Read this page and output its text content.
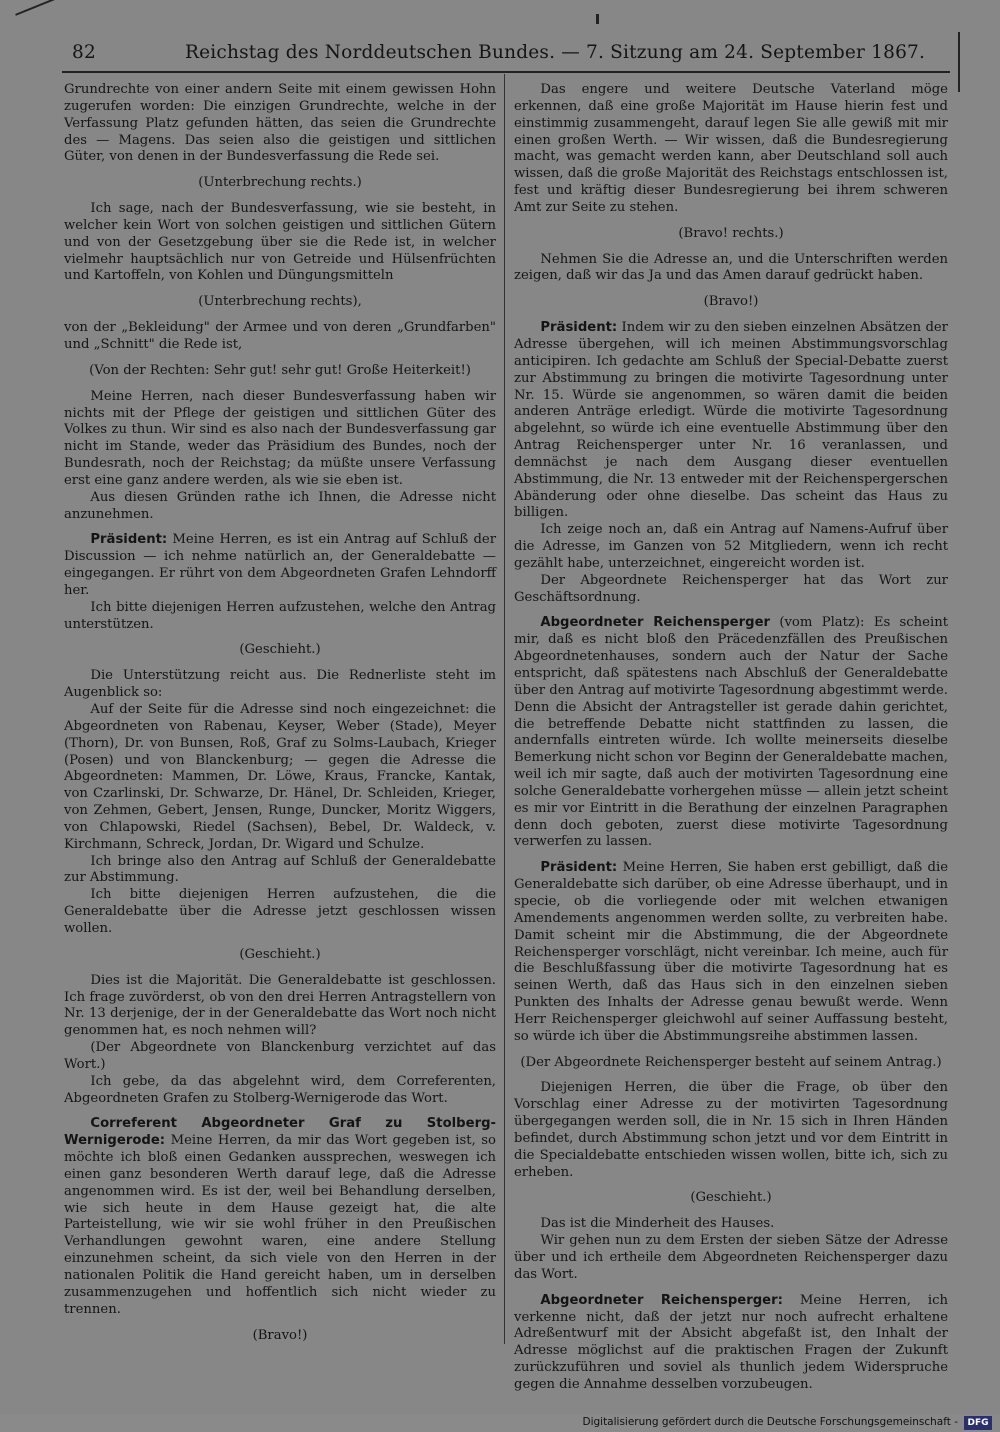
82	Reichstag des Norddeutschen Bundes. — 7. Sitzung am 24. September 1867.

Grundrechte von einer andern Seite mit einem gewissen Hohn zugerufen worden: Die einzigen Grundrechte, welche in der Verfassung Platz gefunden hätten, das seien die Grundrechte des — Magens. Das seien also die geistigen und sittlichen Güter, von denen in der Bundesverfassung die Rede sei.

(Unterbrechung rechts.)

Ich sage, nach der Bundesverfassung, wie sie besteht, in welcher kein Wort von solchen geistigen und sittlichen Gütern und von der Gesetzgebung über sie die Rede ist, in welcher vielmehr hauptsächlich nur von Getreide und Hülsenfrüchten und Kartoffeln, von Kohlen und Düngungsmitteln

(Unterbrechung rechts),

von der „Bekleidung" der Armee und von deren „Grundfarben" und „Schnitt" die Rede ist,

(Von der Rechten: Sehr gut! sehr gut! Große Heiterkeit!)

Meine Herren, nach dieser Bundesverfassung haben wir nichts mit der Pflege der geistigen und sittlichen Güter des Volkes zu thun. Wir sind es also nach der Bundesverfassung gar nicht im Stande, weder das Präsidium des Bundes, noch der Bundesrath, noch der Reichstag; da müßte unsere Verfassung erst eine ganz andere werden, als wie sie eben ist.

Aus diesen Gründen rathe ich Ihnen, die Adresse nicht anzunehmen.

Präsident: Meine Herren, es ist ein Antrag auf Schluß der Discussion — ich nehme natürlich an, der Generaldebatte — eingegangen. Er rührt von dem Abgeordneten Grafen Lehndorff her.

Ich bitte diejenigen Herren aufzustehen, welche den Antrag unterstützen.

(Geschieht.)

Die Unterstützung reicht aus. Die Rednerliste steht im Augenblick so:

Auf der Seite für die Adresse sind noch eingezeichnet: die Abgeordneten von Rabenau, Keyser, Weber (Stade), Meyer (Thorn), Dr. von Bunsen, Roß, Graf zu Solms-Laubach, Krieger (Posen) und von Blanckenburg; — gegen die Adresse die Abgeordneten: Mammen, Dr. Löwe, Kraus, Francke, Kantak, von Czarlinski, Dr. Schwarze, Dr. Hänel, Dr. Schleiden, Krieger, von Zehmen, Gebert, Jensen, Runge, Duncker, Moritz Wiggers, von Chlapowski, Riedel (Sachsen), Bebel, Dr. Waldeck, v. Kirchmann, Schreck, Jordan, Dr. Wigard und Schulze.

Ich bringe also den Antrag auf Schluß der Generaldebatte zur Abstimmung.

Ich bitte diejenigen Herren aufzustehen, die die Generaldebatte über die Adresse jetzt geschlossen wissen wollen.

(Geschieht.)

Dies ist die Majorität. Die Generaldebatte ist geschlossen. Ich frage zuvörderst, ob von den drei Herren Antragstellern von Nr. 13 derjenige, der in der Generaldebatte das Wort noch nicht genommen hat, es noch nehmen will?

(Der Abgeordnete von Blanckenburg verzichtet auf das Wort.)

Ich gebe, da das abgelehnt wird, dem Correferenten, Abgeordneten Grafen zu Stolberg-Wernigerode das Wort.

Correferent Abgeordneter Graf zu Stolberg-Wernigerode: Meine Herren, da mir das Wort gegeben ist, so möchte ich bloß einen Gedanken aussprechen, weswegen ich einen ganz besonderen Werth darauf lege, daß die Adresse angenommen wird. Es ist der, weil bei Behandlung derselben, wie sich heute in dem Hause gezeigt hat, die alte Parteistellung, wie wir sie wohl früher in den Preußischen Verhandlungen gewohnt waren, eine andere Stellung einzunehmen scheint, da sich viele von den Herren in der nationalen Politik die Hand gereicht haben, um in derselben zusammenzugehen und hoffentlich sich nicht wieder zu trennen.

(Bravo!)

Das engere und weitere Deutsche Vaterland möge erkennen, daß eine große Majorität im Hause hierin fest und einstimmig zusammengeht, darauf legen Sie alle gewiß mit mir einen großen Werth. — Wir wissen, daß die Bundesregierung macht, was gemacht werden kann, aber Deutschland soll auch wissen, daß die große Majorität des Reichstags entschlossen ist, fest und kräftig dieser Bundesregierung bei ihrem schweren Amt zur Seite zu stehen.

(Bravo! rechts.)

Nehmen Sie die Adresse an, und die Unterschriften werden zeigen, daß wir das Ja und das Amen darauf gedrückt haben.

(Bravo!)

Präsident: Indem wir zu den sieben einzelnen Absätzen der Adresse übergehen, will ich meinen Abstimmungsvorschlag anticipiren. Ich gedachte am Schluß der Special-Debatte zuerst zur Abstimmung zu bringen die motivirte Tagesordnung unter Nr. 15. Würde sie angenommen, so wären damit die beiden anderen Anträge erledigt. Würde die motivirte Tagesordnung abgelehnt, so würde ich eine eventuelle Abstimmung über den Antrag Reichensperger unter Nr. 16 veranlassen, und demnächst je nach dem Ausgang dieser eventuellen Abstimmung, die Nr. 13 entweder mit der Reichenspergerschen Abänderung oder ohne dieselbe. Das scheint das Haus zu billigen.

Ich zeige noch an, daß ein Antrag auf Namens-Aufruf über die Adresse, im Ganzen von 52 Mitgliedern, wenn ich recht gezählt habe, unterzeichnet, eingereicht worden ist.

Der Abgeordnete Reichensperger hat das Wort zur Geschäftsordnung.

Abgeordneter Reichensperger (vom Platz): Es scheint mir, daß es nicht bloß den Präcedenzfällen des Preußischen Abgeordnetenhauses, sondern auch der Natur der Sache entspricht, daß spätestens nach Abschluß der Generaldebatte über den Antrag auf motivirte Tagesordnung abgestimmt werde. Denn die Absicht der Antragsteller ist gerade dahin gerichtet, die betreffende Debatte nicht stattfinden zu lassen, die andernfalls eintreten würde. Ich wollte meinerseits dieselbe Bemerkung nicht schon vor Beginn der Generaldebatte machen, weil ich mir sagte, daß auch der motivirten Tagesordnung eine solche Generaldebatte vorhergehen müsse — allein jetzt scheint es mir vor Eintritt in die Berathung der einzelnen Paragraphen denn doch geboten, zuerst diese motivirte Tagesordnung verwerfen zu lassen.

Präsident: Meine Herren, Sie haben erst gebilligt, daß die Generaldebatte sich darüber, ob eine Adresse überhaupt, und in specie, ob die vorliegende oder mit welchen etwanigen Amendements angenommen werden sollte, zu verbreiten habe. Damit scheint mir die Abstimmung, die der Abgeordnete Reichensperger vorschlägt, nicht vereinbar. Ich meine, auch für die Beschlußfassung über die motivirte Tagesordnung hat es seinen Werth, daß das Haus sich in den einzelnen sieben Punkten des Inhalts der Adresse genau bewußt werde. Wenn Herr Reichensperger gleichwohl auf seiner Auffassung besteht, so würde ich über die Abstimmungsreihe abstimmen lassen.

(Der Abgeordnete Reichensperger besteht auf seinem Antrag.)

Diejenigen Herren, die über die Frage, ob über den Vorschlag einer Adresse zu der motivirten Tagesordnung übergegangen werden soll, die in Nr. 15 sich in Ihren Händen befindet, durch Abstimmung schon jetzt und vor dem Eintritt in die Specialdebatte entschieden wissen wollen, bitte ich, sich zu erheben.

(Geschieht.)

Das ist die Minderheit des Hauses.

Wir gehen nun zu dem Ersten der sieben Sätze der Adresse über und ich ertheile dem Abgeordneten Reichensperger dazu das Wort.

Abgeordneter Reichensperger: Meine Herren, ich verkenne nicht, daß der jetzt nur noch aufrecht erhaltene Adreßentwurf mit der Absicht abgefaßt ist, den Inhalt der Adresse möglichst auf die praktischen Fragen der Zukunft zurückzuführen und soviel als thunlich jedem Widerspruche gegen die Annahme desselben vorzubeugen.

Digitalisierung gefördert durch die Deutsche Forschungsgemeinschaft -	DFG
